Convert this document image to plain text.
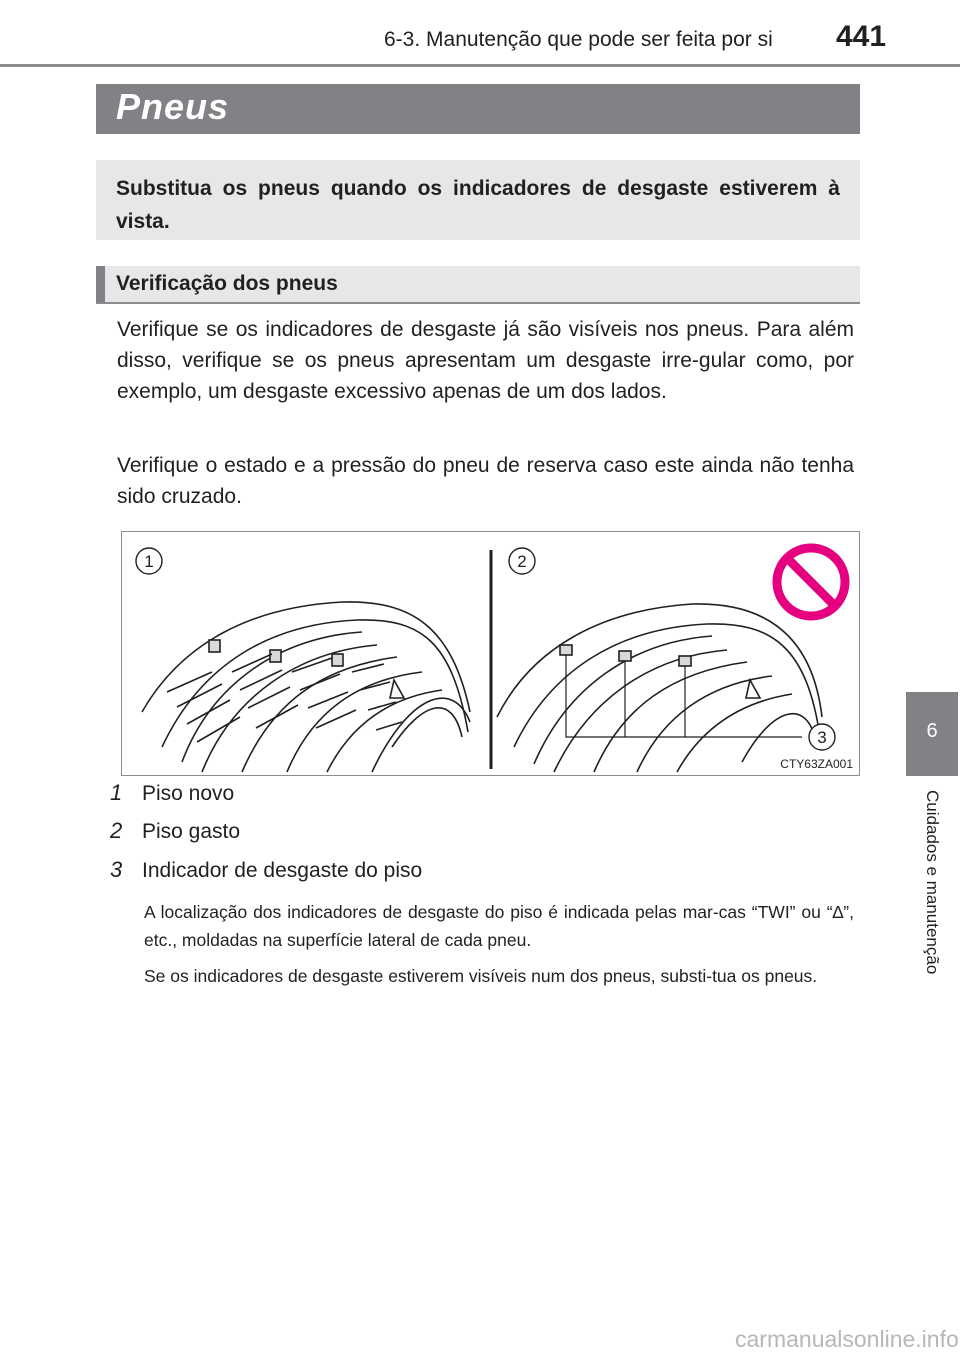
6-3. Manutenção que pode ser feita por si 441
Pneus
Substitua os pneus quando os indicadores de desgaste estiverem à vista.
Verificação dos pneus
Verifique se os indicadores de desgaste já são visíveis nos pneus. Para além disso, verifique se os pneus apresentam um desgaste irre-gular como, por exemplo, um desgaste excessivo apenas de um dos lados.
Verifique o estado e a pressão do pneu de reserva caso este ainda não tenha sido cruzado.
1	2
3
CTY63ZA001
1 Piso novo
2 Piso gasto
3 Indicador de desgaste do piso
A localização dos indicadores de desgaste do piso é indicada pelas mar-cas “TWI” ou “∆”, etc., moldadas na superfície lateral de cada pneu.
Se os indicadores de desgaste estiverem visíveis num dos pneus, substi-tua os pneus.
6
Cuidados e manutenção
carmanualsonline.info
